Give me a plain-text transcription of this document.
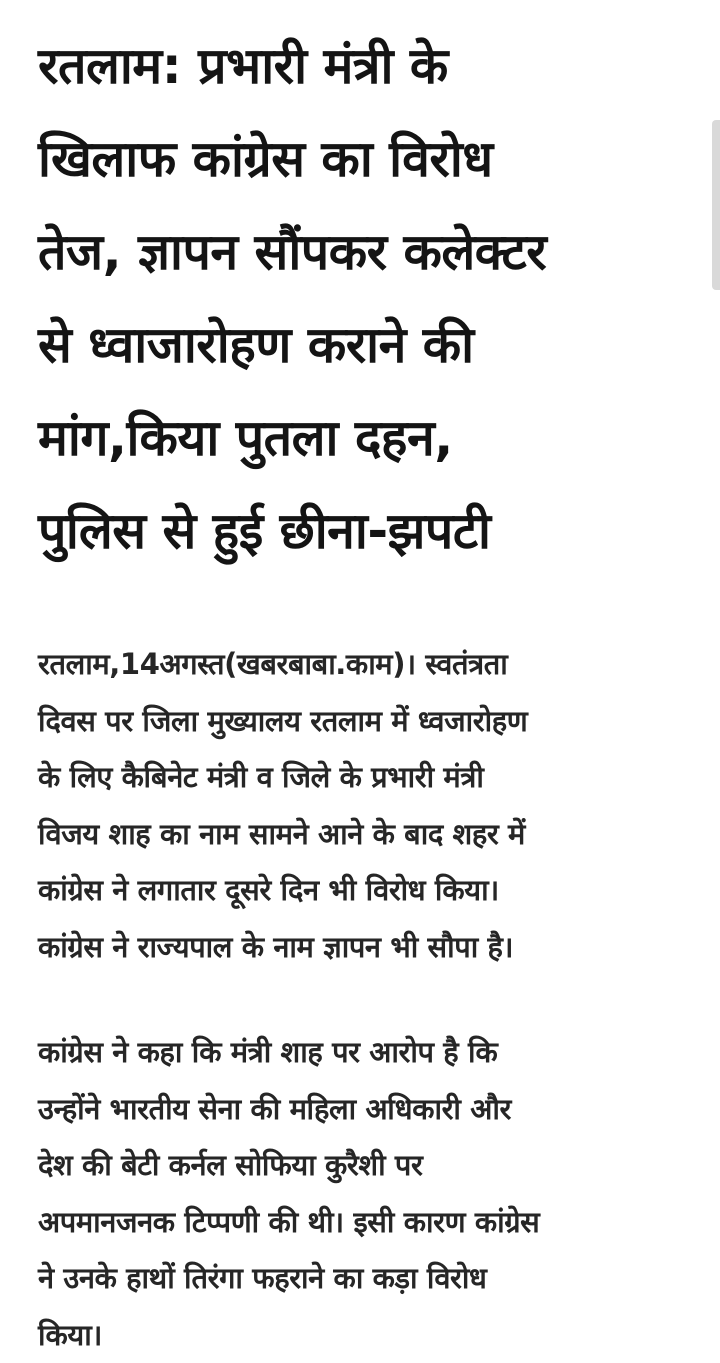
रतलाम: प्रभारी मंत्री के
खिलाफ कांग्रेस का विरोध
तेज, ज्ञापन सौंपकर कलेक्टर
से ध्वाजारोहण कराने की
मांग,किया पुतला दहन,
पुलिस से हुई छीना-झपटी

रतलाम,14अगस्त(खबरबाबा.काम)। स्वतंत्रता
दिवस पर जिला मुख्यालय रतलाम में ध्वजारोहण
के लिए कैबिनेट मंत्री व जिले के प्रभारी मंत्री
विजय शाह का नाम सामने आने के बाद शहर में
कांग्रेस ने लगातार दूसरे दिन भी विरोध किया।
कांग्रेस ने राज्यपाल के नाम ज्ञापन भी सौपा है।

कांग्रेस ने कहा कि मंत्री शाह पर आरोप है कि
उन्होंने भारतीय सेना की महिला अधिकारी और
देश की बेटी कर्नल सोफिया कुरैशी पर
अपमानजनक टिप्पणी की थी। इसी कारण कांग्रेस
ने उनके हाथों तिरंगा फहराने का कड़ा विरोध
किया।
